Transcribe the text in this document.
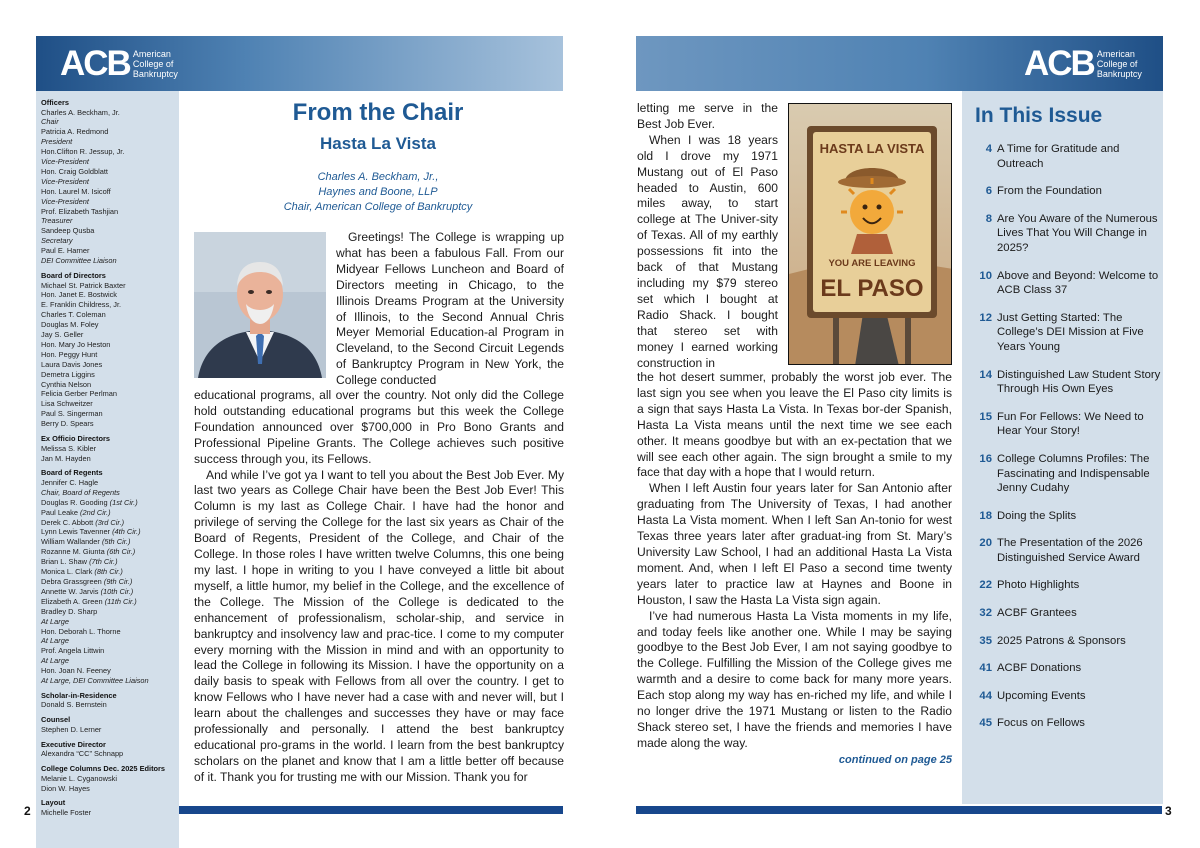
ACB American
College of
Bankruptcy	ACB American
College of
Bankruptcy
Officers
Charles A. Beckham, Jr.
Chair
Patricia A. Redmond
President
Hon.Clifton R. Jessup, Jr.
Vice-President
Hon. Craig Goldblatt
Vice-President
Hon. Laurel M. Isicoff
Vice-President
Prof. Elizabeth Tashjian
Treasurer
Sandeep Qusba
Secretary
Paul E. Harner
DEI Committee Liaison
Board of Directors
Michael St. Patrick Baxter
Hon. Janet E. Bostwick
E. Franklin Childress, Jr.
Charles T. Coleman
Douglas M. Foley
Jay S. Geller
Hon. Mary Jo Heston
Hon. Peggy Hunt
Laura Davis Jones
Demetra Liggins
Cynthia Nelson
Felicia Gerber Perlman
Lisa Schweitzer
Paul S. Singerman
Berry D. Spears
Ex Officio Directors
Melissa S. Kibler
Jan M. Hayden
Board of Regents
Jennifer C. Hagle
Chair, Board of Regents
Douglas R. Gooding (1st Cir.)
Paul Leake (2nd Cir.)
Derek C. Abbott (3rd Cir.)
Lynn Lewis Tavenner (4th Cir.)
William Wallander (5th Cir.)
Rozanne M. Giunta (6th Cir.)
Brian L. Shaw (7th Cir.)
Monica L. Clark (8th Cir.)
Debra Grassgreen (9th Cir.)
Annette W. Jarvis (10th Cir.)
Elizabeth A. Green (11th Cir.)
Bradley D. Sharp
At Large
Hon. Deborah L. Thorne
At Large
Prof. Angela Littwin
At Large
Hon. Joan N. Feeney
At Large, DEI Committee Liaison
Scholar-in-Residence
Donald S. Bernstein
Counsel
Stephen D. Lerner
Executive Director
Alexandra “CC” Schnapp
College Columns Dec. 2025 Editors
Melanie L. Cyganowski
Dion W. Hayes
Layout
Michelle Foster
From the Chair
Hasta La Vista
Charles A. Beckham, Jr.,
Haynes and Boone, LLP
Chair, American College of Bankruptcy

Greetings! The College is wrapping up what has been a fabulous Fall. From our Midyear Fellows Luncheon and Board of Directors meeting in Chicago, to the Illinois Dreams Program at the University of Illinois, to the Second Annual Chris Meyer Memorial Education-al Program in Cleveland, to the Second Circuit Legends of Bankruptcy Program in New York, the College conducted

educational programs, all over the country. Not only did the College hold outstanding educational programs but this week the College Foundation announced over $700,000 in Pro Bono Grants and Professional Pipeline Grants. The College achieves such positive success through you, its Fellows.

And while I’ve got ya I want to tell you about the Best Job Ever. My last two years as College Chair have been the Best Job Ever! This Column is my last as College Chair. I have had the honor and privilege of serving the College for the last six years as Chair of the Board of Regents, President of the College, and Chair of the College. In those roles I have written twelve Columns, this one being my last. I hope in writing to you I have conveyed a little bit about myself, a little humor, my belief in the College, and the excellence of the College. The Mission of the College is dedicated to the enhancement of professionalism, scholar-ship, and service in bankruptcy and insolvency law and prac-tice. I come to my computer every morning with the Mission in mind and with an opportunity to lead the College in following its Mission. I have the opportunity on a daily basis to speak with Fellows from all over the country. I get to know Fellows who I have never had a case with and never will, but I learn about the challenges and successes they have or may face professionally and personally. I attend the best bankruptcy educational pro-grams in the world. I learn from the best bankruptcy scholars on the planet and know that I am a little better off because of it. Thank you for trusting me with our Mission. Thank you for

letting me serve in the Best Job Ever.

When I was 18 years old I drove my 1971 Mustang out of El Paso headed to Austin, 600 miles away, to start college at The Univer-sity of Texas. All of my earthly possessions fit into the back of that Mustang including my $79 stereo set which I bought at Radio Shack. I bought that stereo set with money I earned working construction in

HASTA LA VISTA
YOU ARE LEAVING
EL PASO

the hot desert summer, probably the worst job ever. The last sign you see when you leave the El Paso city limits is a sign that says Hasta La Vista. In Texas bor-der Spanish, Hasta La Vista means until the next time we see each other. It means goodbye but with an ex-pectation that we will see each other again. The sign brought a smile to my face that day with a hope that I would return.

When I left Austin four years later for San Antonio after graduating from The University of Texas, I had another Hasta La Vista moment. When I left San An-tonio for west Texas three years later after graduat-ing from St. Mary’s University Law School, I had an additional Hasta La Vista moment. And, when I left El Paso a second time twenty years later to practice law at Haynes and Boone in Houston, I saw the Hasta La Vista sign again.

I’ve had numerous Hasta La Vista moments in my life, and today feels like another one. While I may be saying goodbye to the Best Job Ever, I am not saying goodbye to the College. Fulfilling the Mission of the College gives me warmth and a desire to come back for many more years. Each stop along my way has en-riched my life, and while I no longer drive the 1971 Mustang or listen to the Radio Shack stereo set, I have the friends and memories I have made along the way.

continued on page 25
In This Issue
4 A Time for Gratitude and Outreach
6 From the Foundation
8 Are You Aware of the Numerous Lives That You Will Change in 2025?
10 Above and Beyond: Welcome to ACB Class 37
12 Just Getting Started: The College’s DEI Mission at Five Years Young
14 Distinguished Law Student Story Through His Own Eyes
15 Fun For Fellows: We Need to Hear Your Story!
16 College Columns Profiles: The Fascinating and Indispensable Jenny Cudahy
18 Doing the Splits
20 The Presentation of the 2026 Distinguished Service Award
22 Photo Highlights
32 ACBF Grantees
35 2025 Patrons & Sponsors
41 ACBF Donations
44 Upcoming Events
45 Focus on Fellows
2	3
